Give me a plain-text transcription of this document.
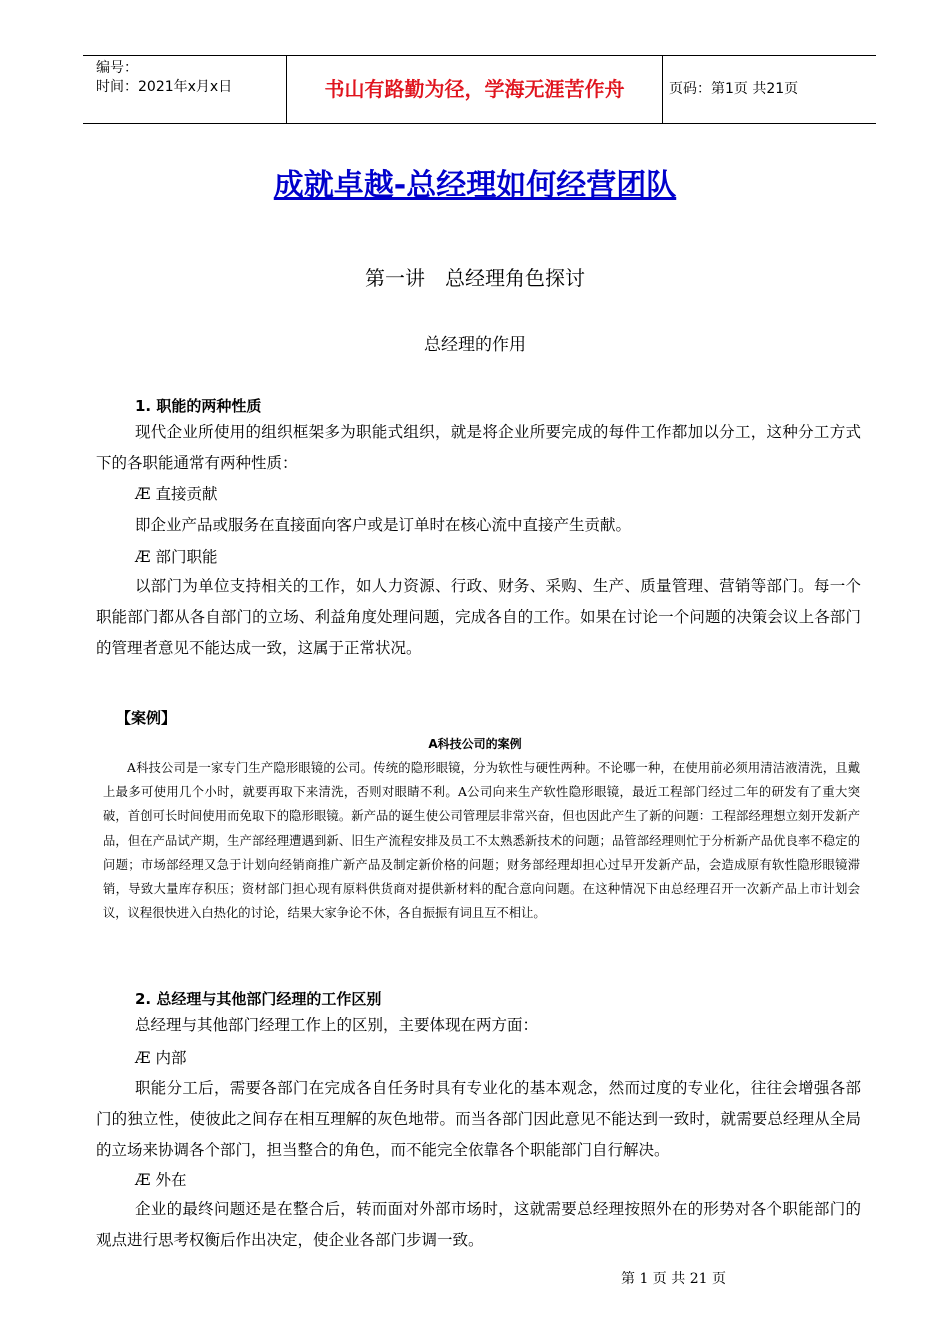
编号：
时间：2021年x月x日	书山有路勤为径，学海无涯苦作舟	页码：第1页 共21页
成就卓越-总经理如何经营团队
第一讲　总经理角色探讨
总经理的作用
1. 职能的两种性质

现代企业所使用的组织框架多为职能式组织，就是将企业所要完成的每件工作都加以分工，这种分工方式下的各职能通常有两种性质：

Æ 直接贡献

即企业产品或服务在直接面向客户或是订单时在核心流中直接产生贡献。

Æ 部门职能

以部门为单位支持相关的工作，如人力资源、行政、财务、采购、生产、质量管理、营销等部门。每一个职能部门都从各自部门的立场、利益角度处理问题，完成各自的工作。如果在讨论一个问题的决策会议上各部门的管理者意见不能达成一致，这属于正常状况。

【案例】
A科技公司的案例

A科技公司是一家专门生产隐形眼镜的公司。传统的隐形眼镜，分为软性与硬性两种。不论哪一种，在使用前必须用清洁液清洗，且戴上最多可使用几个小时，就要再取下来清洗，否则对眼睛不利。A公司向来生产软性隐形眼镜，最近工程部门经过二年的研发有了重大突破，首创可长时间使用而免取下的隐形眼镜。新产品的诞生使公司管理层非常兴奋，但也因此产生了新的问题：工程部经理想立刻开发新产品，但在产品试产期，生产部经理遭遇到新、旧生产流程安排及员工不太熟悉新技术的问题；品管部经理则忙于分析新产品优良率不稳定的问题；市场部经理又急于计划向经销商推广新产品及制定新价格的问题；财务部经理却担心过早开发新产品，会造成原有软性隐形眼镜滞销，导致大量库存积压；资材部门担心现有原料供货商对提供新材料的配合意向问题。在这种情况下由总经理召开一次新产品上市计划会议，议程很快进入白热化的讨论，结果大家争论不休，各自振振有词且互不相让。

2. 总经理与其他部门经理的工作区别

总经理与其他部门经理工作上的区别，主要体现在两方面：

Æ 内部

职能分工后，需要各部门在完成各自任务时具有专业化的基本观念，然而过度的专业化，往往会增强各部门的独立性，使彼此之间存在相互理解的灰色地带。而当各部门因此意见不能达到一致时，就需要总经理从全局的立场来协调各个部门，担当整合的角色，而不能完全依靠各个职能部门自行解决。

Æ 外在

企业的最终问题还是在整合后，转而面对外部市场时，这就需要总经理按照外在的形势对各个职能部门的观点进行思考权衡后作出决定，使企业各部门步调一致。

第 1 页 共 21 页
